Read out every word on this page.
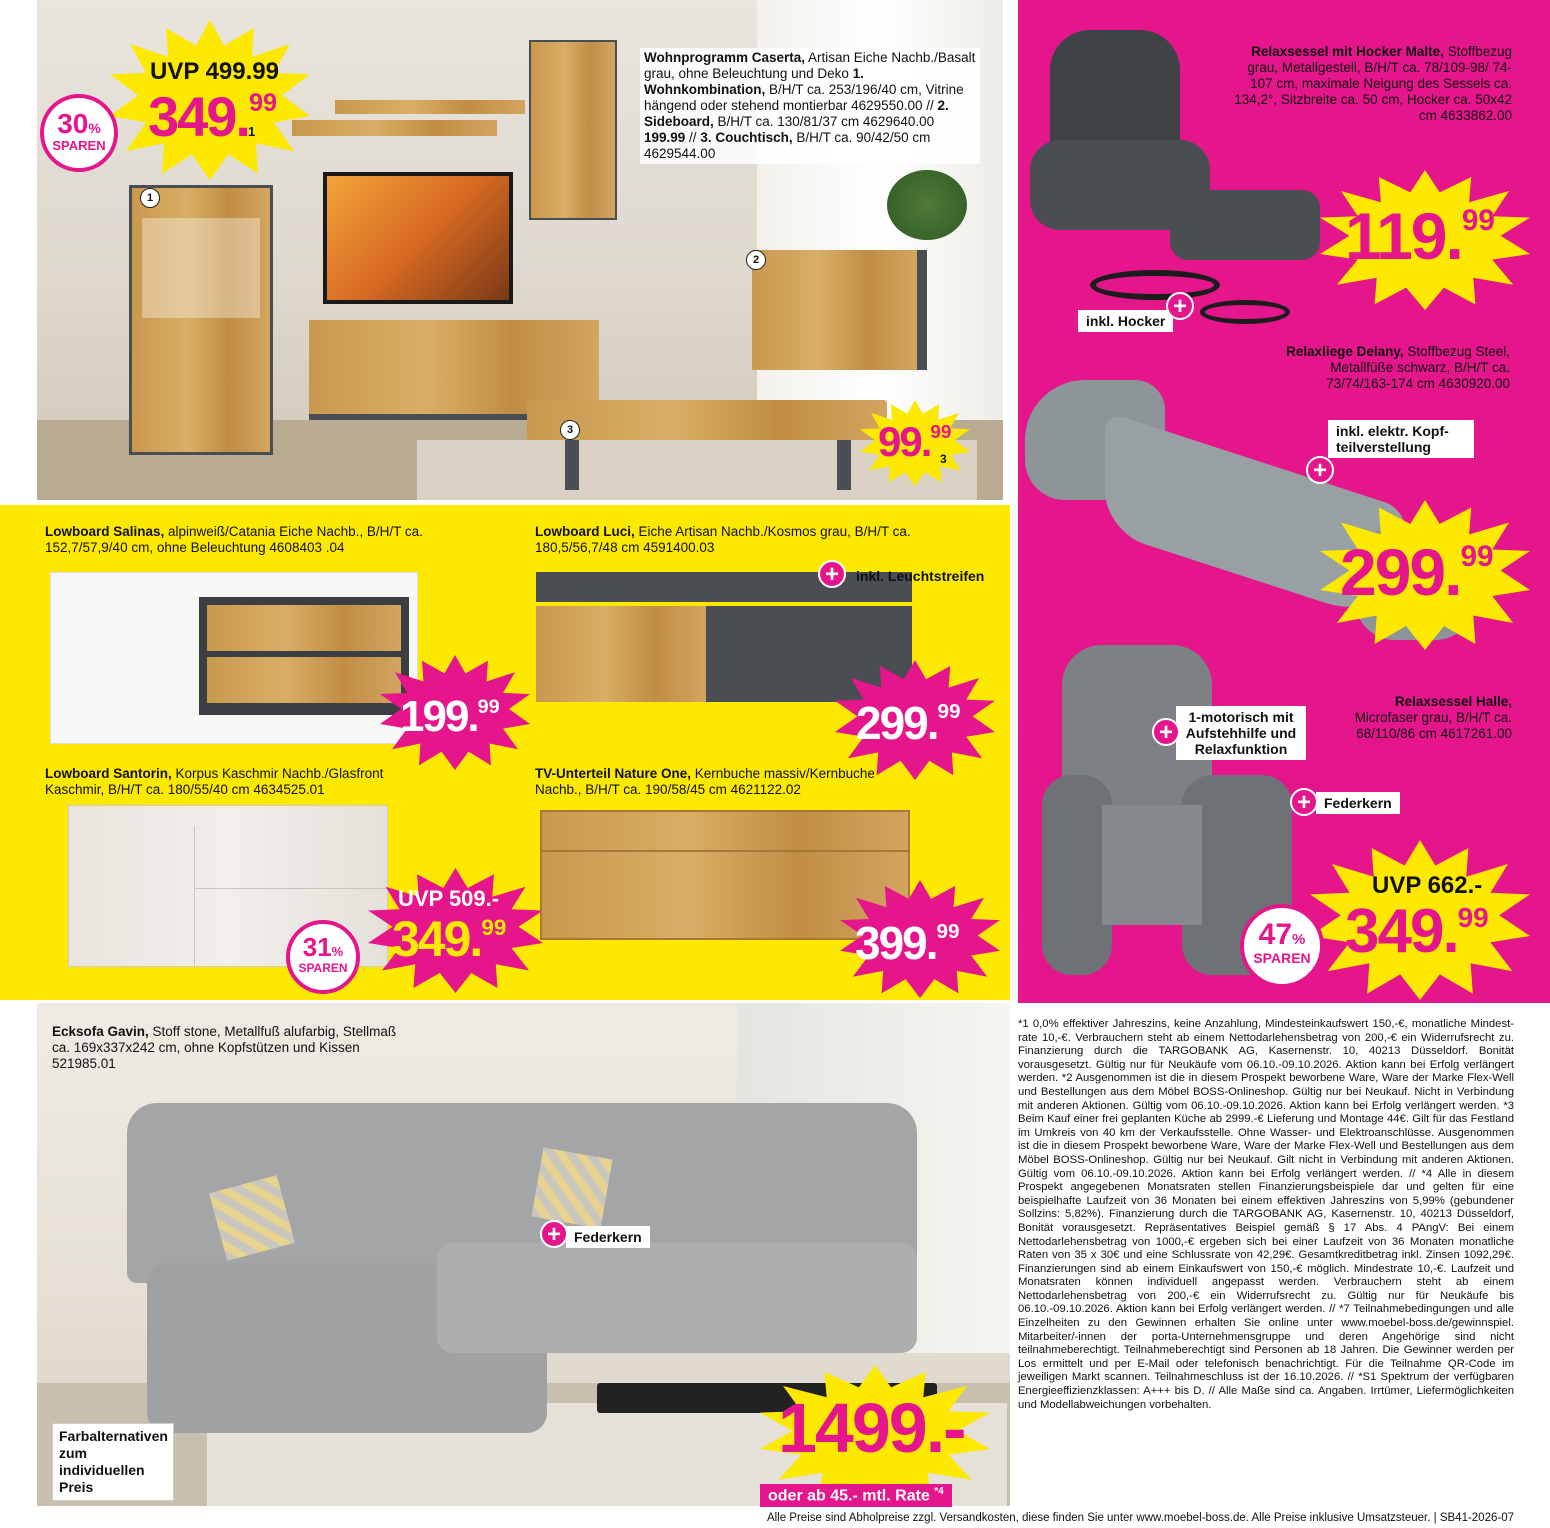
1
2
3
Wohnprogramm Caserta, Artisan Eiche Nachb./Basalt grau, ohne Beleuchtung und Deko 1. Wohnkombination, B/H/T ca. 253/196/40 cm, Vitrine hängend oder stehend montierbar 4629550.00 // 2. Sideboard, B/H/T ca. 130/81/37 cm 4629640.00 199.99 // 3. Couchtisch, B/H/T ca. 90/42/50 cm 4629544.00
UVP 499.99
349.99
1
30%
SPAREN
99.99
3
Relaxsessel mit Hocker Malte, Stoffbezug grau, Metallgestell, B/H/T ca. 78/109-98/ 74-107 cm, maximale Neigung des Sessels ca. 134,2°, Sitzbreite ca. 50 cm, Hocker ca. 50x42 cm 4633862.00
inkl. Hocker
+
119.99
Relaxliege Delany, Stoffbezug Steel, Metallfüße schwarz, B/H/T ca. 73/74/163-174 cm 4630920.00
inkl. elektr. Kopf-teilverstellung
+
299.99
Relaxsessel Halle, Microfaser grau, B/H/T ca. 68/110/86 cm 4617261.00
1-motorisch mit Aufstehhilfe und Relaxfunktion
+
Federkern
+
UVP 662.-
349.99
47%
SPAREN
Lowboard Salinas, alpinweiß/Catania Eiche Nachb., B/H/T ca. 152,7/57,9/40 cm, ohne Beleuchtung 4608403 .04
199.99
Lowboard Luci, Eiche Artisan Nachb./Kosmos grau, B/H/T ca. 180,5/56,7/48 cm 4591400.03
inkl. Leuchtstreifen
+
299.99
Lowboard Santorin, Korpus Kaschmir Nachb./Glasfront Kaschmir, B/H/T ca. 180/55/40 cm 4634525.01
UVP 509.-
349.99
31%
SPAREN
TV-Unterteil Nature One, Kernbuche massiv/Kernbuche Nachb., B/H/T ca. 190/58/45 cm 4621122.02
399.99
Ecksofa Gavin, Stoff stone, Metallfuß alufarbig, Stellmaß ca. 169x337x242 cm, ohne Kopfstützen und Kissen 521985.01
Federkern
+
Farbalternativen zum individuellen Preis
1499.-
oder ab 45.- mtl. Rate $^{*4}$
*1 0,0% effektiver Jahreszins, keine Anzahlung, Mindesteinkaufswert 150,-€, monatliche Mindest-rate 10,-€. Verbrauchern steht ab einem Nettodarlehensbetrag von 200,-€ ein Widerrufsrecht zu. Finanzierung durch die TARGOBANK AG, Kasernenstr. 10, 40213 Düsseldorf. Bonität vorausgesetzt. Gültig nur für Neukäufe vom 06.10.-09.10.2026. Aktion kann bei Erfolg verlängert werden. *2 Ausgenommen ist die in diesem Prospekt beworbene Ware, Ware der Marke Flex-Well und Bestellungen aus dem Möbel BOSS-Onlineshop. Gültig nur bei Neukauf. Nicht in Verbindung mit anderen Aktionen. Gültig vom 06.10.-09.10.2026. Aktion kann bei Erfolg verlängert werden. *3 Beim Kauf einer frei geplanten Küche ab 2999.-€ Lieferung und Montage 44€. Gilt für das Festland im Umkreis von 40 km der Verkaufsstelle. Ohne Wasser- und Elektroanschlüsse. Ausgenommen ist die in diesem Prospekt beworbene Ware, Ware der Marke Flex-Well und Bestellungen aus dem Möbel BOSS-Onlineshop. Gültig nur bei Neukauf. Gilt nicht in Verbindung mit anderen Aktionen. Gültig vom 06.10.-09.10.2026. Aktion kann bei Erfolg verlängert werden. // *4 Alle in diesem Prospekt angegebenen Monatsraten stellen Finanzierungsbeispiele dar und gelten für eine beispielhafte Laufzeit von 36 Monaten bei einem effektiven Jahreszins von 5,99% (gebundener Sollzins: 5,82%). Finanzierung durch die TARGOBANK AG, Kasernenstr. 10, 40213 Düsseldorf, Bonität vorausgesetzt. Repräsentatives Beispiel gemäß § 17 Abs. 4 PAngV: Bei einem Nettodarlehensbetrag von 1000,-€ ergeben sich bei einer Laufzeit von 36 Monaten monatliche Raten von 35 x 30€ und eine Schlussrate von 42,29€. Gesamtkreditbetrag inkl. Zinsen 1092,29€. Finanzierungen sind ab einem Einkaufswert von 150,-€ möglich. Mindestrate 10,-€. Laufzeit und Monatsraten können individuell angepasst werden. Verbrauchern steht ab einem Nettodarlehensbetrag von 200,-€ ein Widerrufsrecht zu. Gültig nur für Neukäufe bis 06.10.-09.10.2026. Aktion kann bei Erfolg verlängert werden. // *7 Teilnahmebedingungen und alle Einzelheiten zu den Gewinnen erhalten Sie online unter www.moebel-boss.de/gewinnspiel. Mitarbeiter/-innen der porta-Unternehmensgruppe und deren Angehörige sind nicht teilnahmeberechtigt. Teilnahmeberechtigt sind Personen ab 18 Jahren. Die Gewinner werden per Los ermittelt und per E-Mail oder telefonisch benachrichtigt. Für die Teilnahme QR-Code im jeweiligen Markt scannen. Teilnahmeschluss ist der 16.10.2026. // *S1 Spektrum der verfügbaren Energieeffizienzklassen: A+++ bis D. // Alle Maße sind ca. Angaben. Irrtümer, Liefermöglichkeiten und Modellabweichungen vorbehalten.
Alle Preise sind Abholpreise zzgl. Versandkosten, diese finden Sie unter www.moebel-boss.de. Alle Preise inklusive Umsatzsteuer. | SB41-2026-07
